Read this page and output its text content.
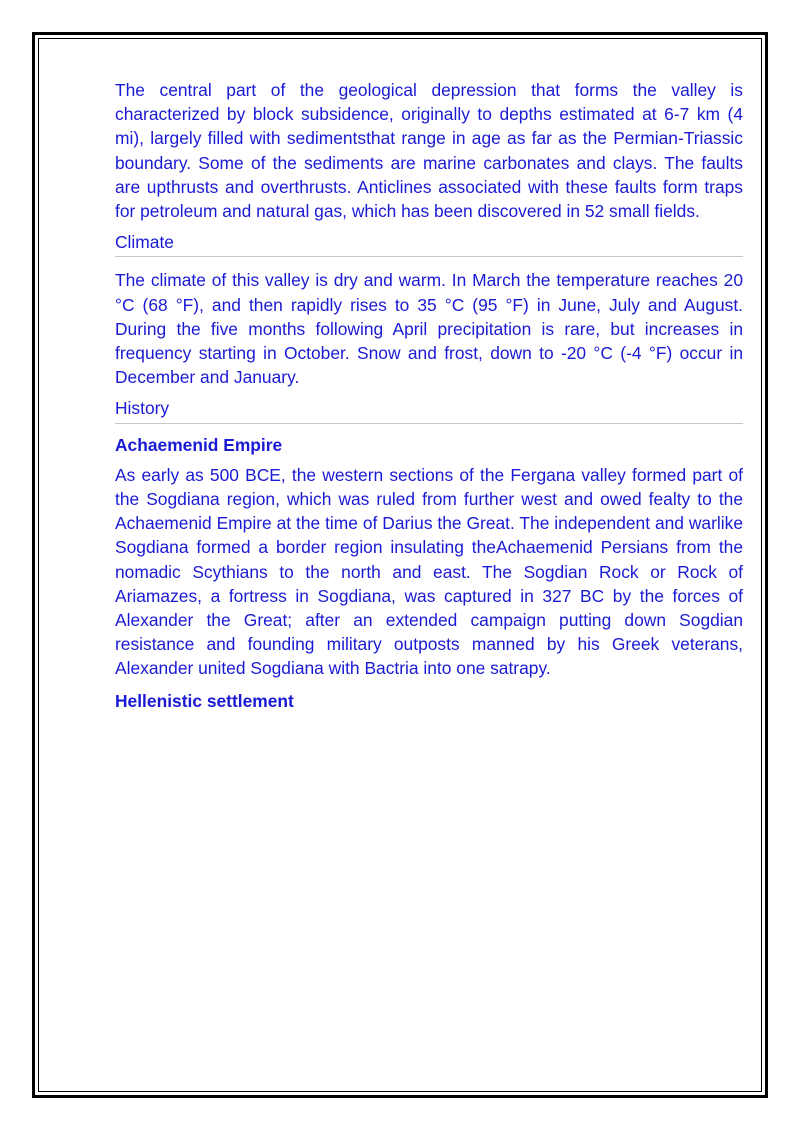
The central part of the geological depression that forms the valley is characterized by block subsidence, originally to depths estimated at 6-7 km (4 mi), largely filled with sedimentsthat range in age as far as the Permian-Triassic boundary. Some of the sediments are marine carbonates and clays. The faults are upthrusts and overthrusts. Anticlines associated with these faults form traps for petroleum and natural gas, which has been discovered in 52 small fields.

Climate

The climate of this valley is dry and warm. In March the temperature reaches 20 °C (68 °F), and then rapidly rises to 35 °C (95 °F) in June, July and August. During the five months following April precipitation is rare, but increases in frequency starting in October. Snow and frost, down to -20 °C (-4 °F) occur in December and January.

History
Achaemenid Empire

As early as 500 BCE, the western sections of the Fergana valley formed part of the Sogdiana region, which was ruled from further west and owed fealty to the Achaemenid Empire at the time of Darius the Great. The independent and warlike Sogdiana formed a border region insulating theAchaemenid Persians from the nomadic Scythians to the north and east. The Sogdian Rock or Rock of Ariamazes, a fortress in Sogdiana, was captured in 327 BC by the forces of Alexander the Great; after an extended campaign putting down Sogdian resistance and founding military outposts manned by his Greek veterans, Alexander united Sogdiana with Bactria into one satrapy.

Hellenistic settlement
